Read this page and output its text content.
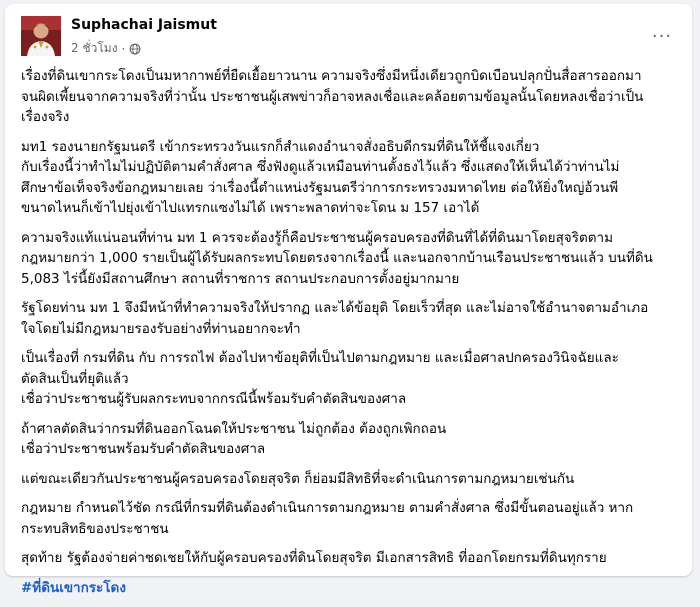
Suphachai Jaismut
2 ชั่วโมง ·
···
เรื่องที่ดินเขากระโดงเป็นมหากาพย์ที่ยืดเยื้อยาวนาน ความจริงซึ่งมีหนึ่งเดียวถูกบิดเบือนปลุกปั่นสื่อสารออกมา
จนผิดเพี้ยนจากความจริงที่ว่านั้น ประชาชนผู้เสพข่าวก็อาจหลงเชื่อและคล้อยตามข้อมูลนั้นโดยหลงเชื่อว่าเป็น
เรื่องจริง
มท1 รองนายกรัฐมนตรี เข้ากระทรวงวันแรกก็สำแดงอำนาจสั่งอธิบดีกรมที่ดินให้ชี้แจงเกี่ยว
กับเรื่องนี้ว่าทำไมไม่ปฏิบัติตามคำสั่งศาล ซึ่งฟังดูแล้วเหมือนท่านตั้งธงไว้แล้ว ซึ่งแสดงให้เห็นได้ว่าท่านไม่
ศึกษาข้อเท็จจริงข้อกฎหมายเลย ว่าเรื่องนี้ตำแหน่งรัฐมนตรีว่าการกระทรวงมหาดไทย ต่อให้ยิ่งใหญ่อ้วนพี
ขนาดไหนก็เข้าไปยุ่งเข้าไปแทรกแซงไม่ได้ เพราะพลาดท่าจะโดน ม 157 เอาได้
ความจริงแท้แน่นอนที่ท่าน มท 1 ควรจะต้องรู้ก็คือประชาชนผู้ครอบครองที่ดินที่ได้ที่ดินมาโดยสุจริตตาม
กฎหมายกว่า 1,000 รายเป็นผู้ได้รับผลกระทบโดยตรงจากเรื่องนี้ และนอกจากบ้านเรือนประชาชนแล้ว บนที่ดิน
5,083 ไร่นี้ยังมีสถานศึกษา สถานที่ราชการ สถานประกอบการตั้งอยู่มากมาย
รัฐโดยท่าน มท 1 จึงมีหน้าที่ทำความจริงให้ปรากฏ และได้ข้อยุติ โดยเร็วที่สุด และไม่อาจใช้อำนาจตามอำเภอ
ใจโดยไม่มีกฎหมายรองรับอย่างที่ท่านอยากจะทำ
เป็นเรื่องที่ กรมที่ดิน กับ การรถไฟ ต้องไปหาข้อยุติที่เป็นไปตามกฎหมาย และเมื่อศาลปกครองวินิจฉัยและ
ตัดสินเป็นที่ยุติแล้ว
เชื่อว่าประชาชนผู้รับผลกระทบจากกรณีนี้พร้อมรับคำตัดสินของศาล
ถ้าศาลตัดสินว่ากรมที่ดินออกโฉนดให้ประชาชน ไม่ถูกต้อง ต้องถูกเพิกถอน
เชื่อว่าประชาชนพร้อมรับคำตัดสินของศาล
แต่ขณะเดียวกันประชาชนผู้ครอบครองโดยสุจริต ก็ย่อมมีสิทธิที่จะดำเนินการตามกฎหมายเช่นกัน
กฎหมาย กำหนดไว้ชัด กรณีที่กรมที่ดินต้องดำเนินการตามกฎหมาย ตามคำสั่งศาล ซึ่งมีขั้นตอนอยู่แล้ว หาก
กระทบสิทธิของประชาชน
สุดท้าย รัฐต้องจ่ายค่าชดเชยให้กับผู้ครอบครองที่ดินโดยสุจริต มีเอกสารสิทธิ ที่ออกโดยกรมที่ดินทุกราย
#ที่ดินเขากระโดง
